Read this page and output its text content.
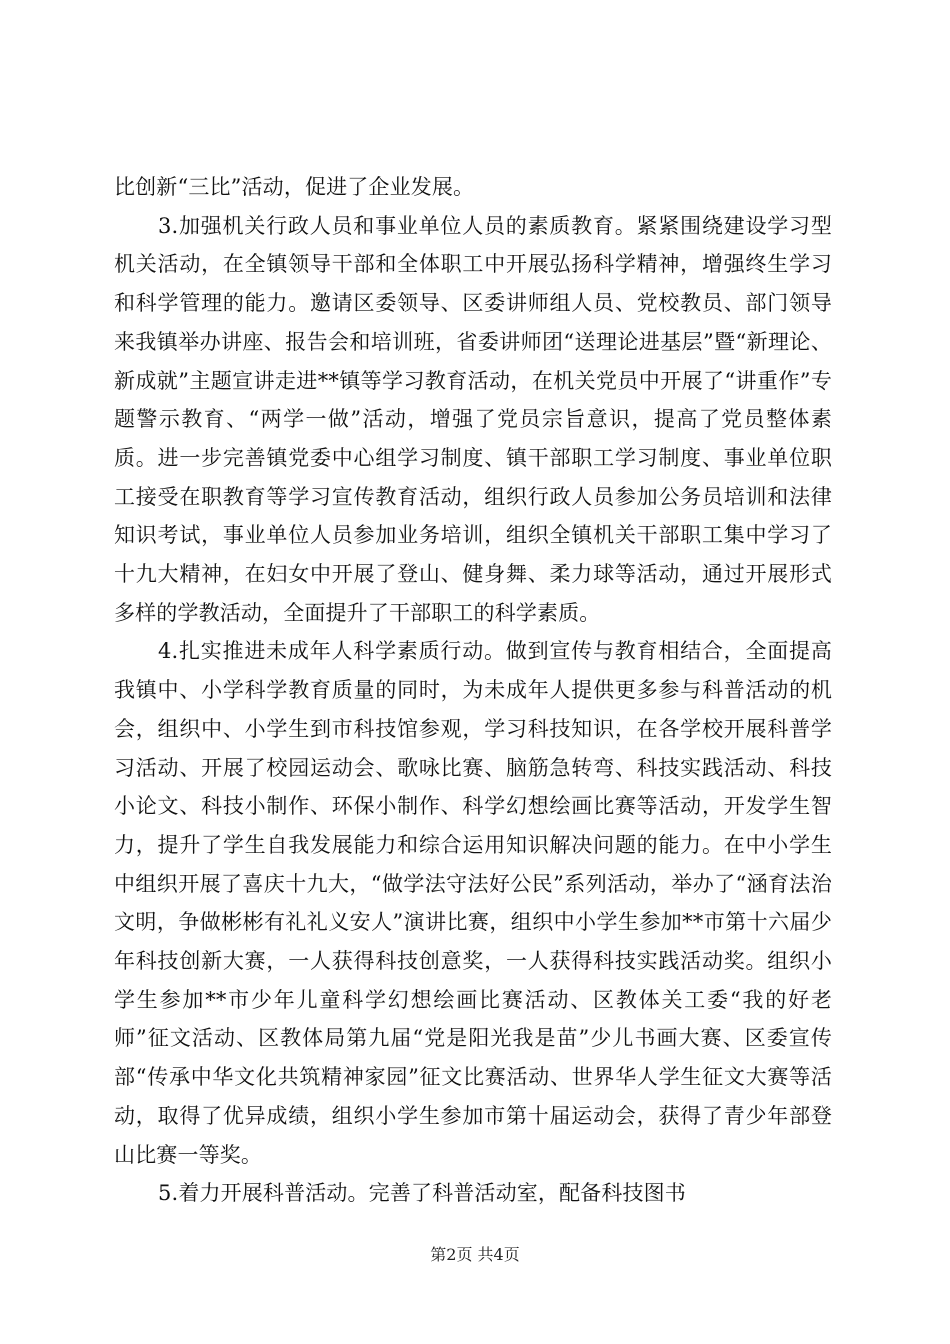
比创新“三比”活动，促进了企业发展。

3.加强机关行政人员和事业单位人员的素质教育。紧紧围绕建设学习型机关活动，在全镇领导干部和全体职工中开展弘扬科学精神，增强终生学习和科学管理的能力。邀请区委领导、区委讲师组人员、党校教员、部门领导来我镇举办讲座、报告会和培训班，省委讲师团“送理论进基层”暨“新理论、新成就”主题宣讲走进**镇等学习教育活动，在机关党员中开展了“讲重作”专题警示教育、“两学一做”活动，增强了党员宗旨意识，提高了党员整体素质。进一步完善镇党委中心组学习制度、镇干部职工学习制度、事业单位职工接受在职教育等学习宣传教育活动，组织行政人员参加公务员培训和法律知识考试，事业单位人员参加业务培训，组织全镇机关干部职工集中学习了十九大精神，在妇女中开展了登山、健身舞、柔力球等活动，通过开展形式多样的学教活动，全面提升了干部职工的科学素质。

4.扎实推进未成年人科学素质行动。做到宣传与教育相结合，全面提高我镇中、小学科学教育质量的同时，为未成年人提供更多参与科普活动的机会，组织中、小学生到市科技馆参观，学习科技知识，在各学校开展科普学习活动、开展了校园运动会、歌咏比赛、脑筋急转弯、科技实践活动、科技小论文、科技小制作、环保小制作、科学幻想绘画比赛等活动，开发学生智力，提升了学生自我发展能力和综合运用知识解决问题的能力。在中小学生中组织开展了喜庆十九大，“做学法守法好公民”系列活动，举办了“涵育法治文明，争做彬彬有礼礼义安人”演讲比赛，组织中小学生参加**市第十六届少年科技创新大赛，一人获得科技创意奖，一人获得科技实践活动奖。组织小学生参加**市少年儿童科学幻想绘画比赛活动、区教体关工委“我的好老师”征文活动、区教体局第九届“党是阳光我是苗”少儿书画大赛、区委宣传部“传承中华文化共筑精神家园”征文比赛活动、世界华人学生征文大赛等活动，取得了优异成绩，组织小学生参加市第十届运动会，获得了青少年部登山比赛一等奖。

5.着力开展科普活动。完善了科普活动室，配备科技图书

第2页 共4页
